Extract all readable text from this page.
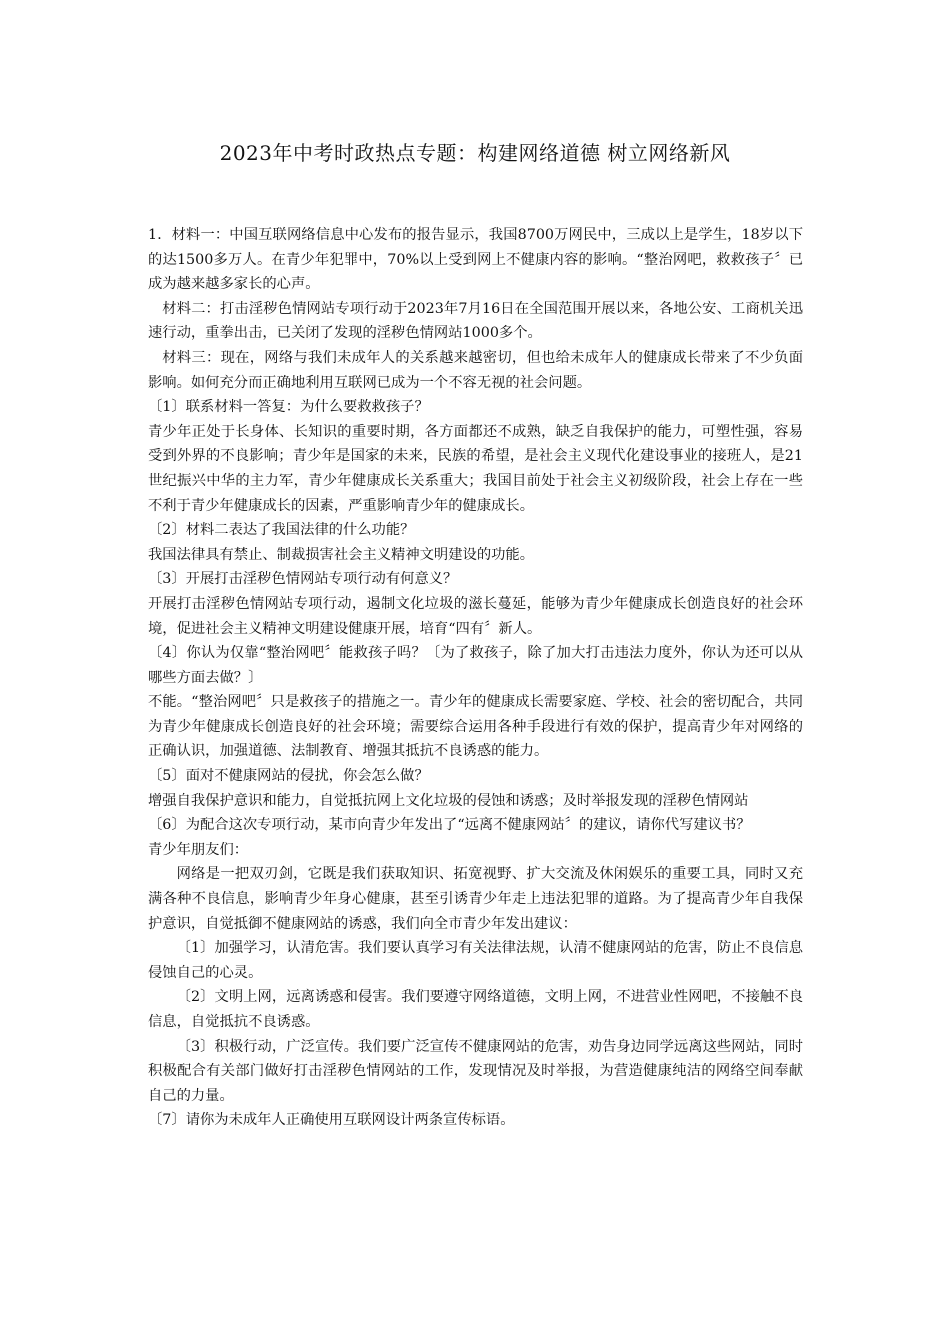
2023年中考时政热点专题：构建网络道德 树立网络新风

1．材料一：中国互联网络信息中心发布的报告显示，我国8700万网民中，三成以上是学生，18岁以下的达1500多万人。在青少年犯罪中，70%以上受到网上不健康内容的影响。“整治网吧，救救孩子〞已成为越来越多家长的心声。

材料二：打击淫秽色情网站专项行动于2023年7月16日在全国范围开展以来，各地公安、工商机关迅速行动，重拳出击，已关闭了发现的淫秽色情网站1000多个。

材料三：现在，网络与我们未成年人的关系越来越密切，但也给未成年人的健康成长带来了不少负面影响。如何充分而正确地利用互联网已成为一个不容无视的社会问题。

〔1〕联系材料一答复：为什么要救救孩子？

青少年正处于长身体、长知识的重要时期，各方面都还不成熟，缺乏自我保护的能力，可塑性强，容易受到外界的不良影响；青少年是国家的未来，民族的希望，是社会主义现代化建设事业的接班人，是21世纪振兴中华的主力军，青少年健康成长关系重大；我国目前处于社会主义初级阶段，社会上存在一些不利于青少年健康成长的因素，严重影响青少年的健康成长。

〔2〕材料二表达了我国法律的什么功能？

我国法律具有禁止、制裁损害社会主义精神文明建设的功能。

〔3〕开展打击淫秽色情网站专项行动有何意义？

开展打击淫秽色情网站专项行动，遏制文化垃圾的滋长蔓延，能够为青少年健康成长创造良好的社会环境，促进社会主义精神文明建设健康开展，培育“四有〞新人。

〔4〕你认为仅靠“整治网吧〞能救孩子吗？〔为了救孩子，除了加大打击违法力度外，你认为还可以从哪些方面去做？〕

不能。“整治网吧〞只是救孩子的措施之一。青少年的健康成长需要家庭、学校、社会的密切配合，共同为青少年健康成长创造良好的社会环境；需要综合运用各种手段进行有效的保护，提高青少年对网络的正确认识，加强道德、法制教育、增强其抵抗不良诱惑的能力。

〔5〕面对不健康网站的侵扰，你会怎么做？

增强自我保护意识和能力，自觉抵抗网上文化垃圾的侵蚀和诱惑；及时举报发现的淫秽色情网站

〔6〕为配合这次专项行动，某市向青少年发出了“远离不健康网站〞的建议，请你代写建议书？

青少年朋友们：

网络是一把双刃剑，它既是我们获取知识、拓宽视野、扩大交流及休闲娱乐的重要工具，同时又充满各种不良信息，影响青少年身心健康，甚至引诱青少年走上违法犯罪的道路。为了提高青少年自我保护意识，自觉抵御不健康网站的诱惑，我们向全市青少年发出建议：

〔1〕加强学习，认清危害。我们要认真学习有关法律法规，认清不健康网站的危害，防止不良信息侵蚀自己的心灵。

〔2〕文明上网，远离诱惑和侵害。我们要遵守网络道德，文明上网，不进营业性网吧，不接触不良信息，自觉抵抗不良诱惑。

〔3〕积极行动，广泛宣传。我们要广泛宣传不健康网站的危害，劝告身边同学远离这些网站，同时积极配合有关部门做好打击淫秽色情网站的工作，发现情况及时举报，为营造健康纯洁的网络空间奉献自己的力量。

〔7〕请你为未成年人正确使用互联网设计两条宣传标语。
